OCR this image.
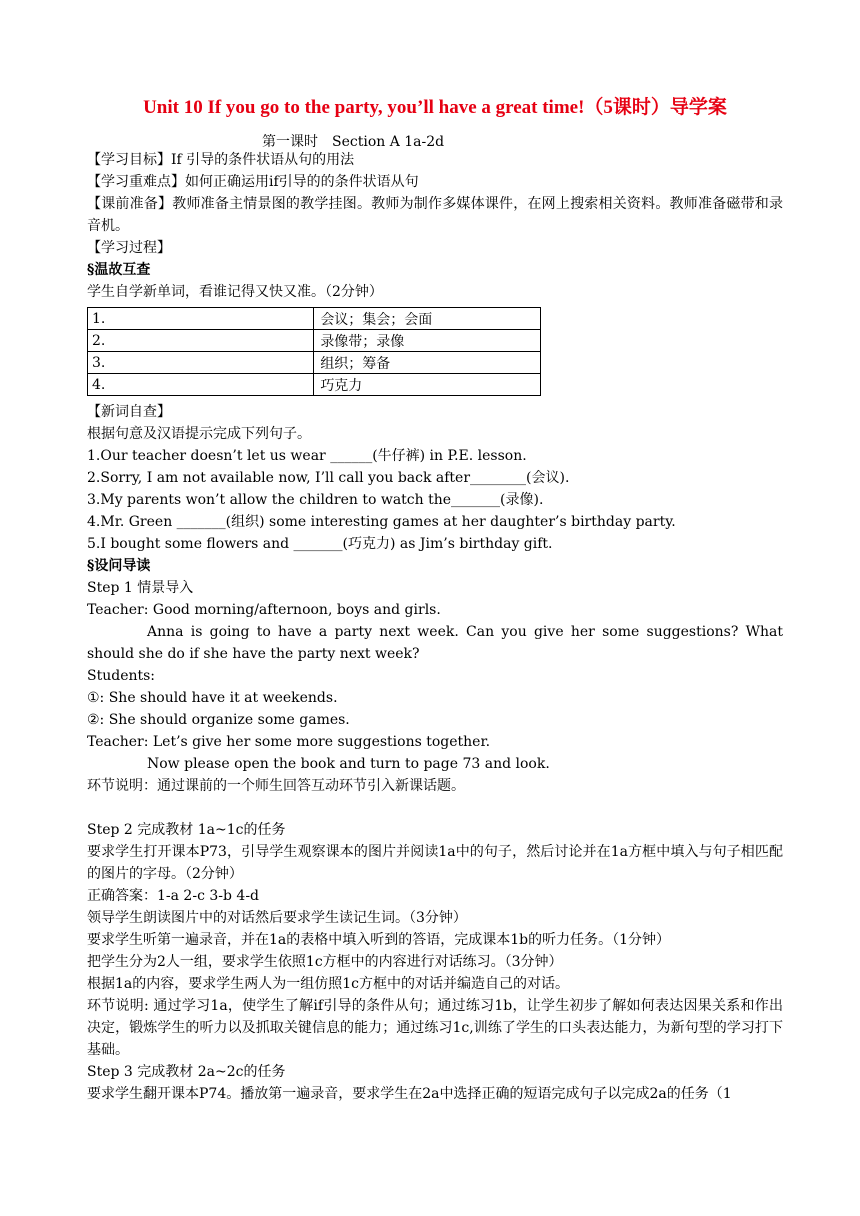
Unit 10 If you go to the party, you’ll have a great time!（5课时）导学案

第一课时　Section A 1a-2d

【学习目标】If 引导的条件状语从句的用法

【学习重难点】如何正确运用if引导的的条件状语从句

【课前准备】教师准备主情景图的教学挂图。教师为制作多媒体课件，在网上搜索相关资料。教师准备磁带和录音机。

【学习过程】

§温故互查

学生自学新单词，看谁记得又快又准。（2分钟）

1.	会议；集会；会面
2.	录像带；录像
3.	组织；筹备
4.	巧克力

【新词自查】

根据句意及汉语提示完成下列句子。

1.Our teacher doesn’t let us wear ______(牛仔裤) in P.E. lesson.

2.Sorry, I am not available now, I’ll call you back after________(会议).

3.My parents won’t allow the children to watch the_______(录像).

4.Mr. Green _______(组织) some interesting games at her daughter’s birthday party.

5.I bought some flowers and _______(巧克力) as Jim’s birthday gift.

§设问导读

Step 1 情景导入

Teacher: Good morning/afternoon, boys and girls.

Anna is going to have a party next week. Can you give her some suggestions? What should she do if she have the party next week?

Students:

①: She should have it at weekends.

②: She should organize some games.

Teacher: Let’s give her some more suggestions together.

Now please open the book and turn to page 73 and look.

环节说明：通过课前的一个师生回答互动环节引入新课话题。

Step 2 完成教材 1a~1c的任务

要求学生打开课本P73，引导学生观察课本的图片并阅读1a中的句子，然后讨论并在1a方框中填入与句子相匹配的图片的字母。（2分钟）

正确答案：1-a 2-c 3-b 4-d

领导学生朗读图片中的对话然后要求学生读记生词。（3分钟）

要求学生听第一遍录音，并在1a的表格中填入听到的答语，完成课本1b的听力任务。（1分钟）

把学生分为2人一组，要求学生依照1c方框中的内容进行对话练习。（3分钟）

根据1a的内容，要求学生两人为一组仿照1c方框中的对话并编造自己的对话。

环节说明: 通过学习1a，使学生了解if引导的条件从句；通过练习1b，让学生初步了解如何表达因果关系和作出决定，锻炼学生的听力以及抓取关键信息的能力；通过练习1c,训练了学生的口头表达能力，为新句型的学习打下基础。

Step 3 完成教材 2a~2c的任务

要求学生翻开课本P74。播放第一遍录音，要求学生在2a中选择正确的短语完成句子以完成2a的任务（1
